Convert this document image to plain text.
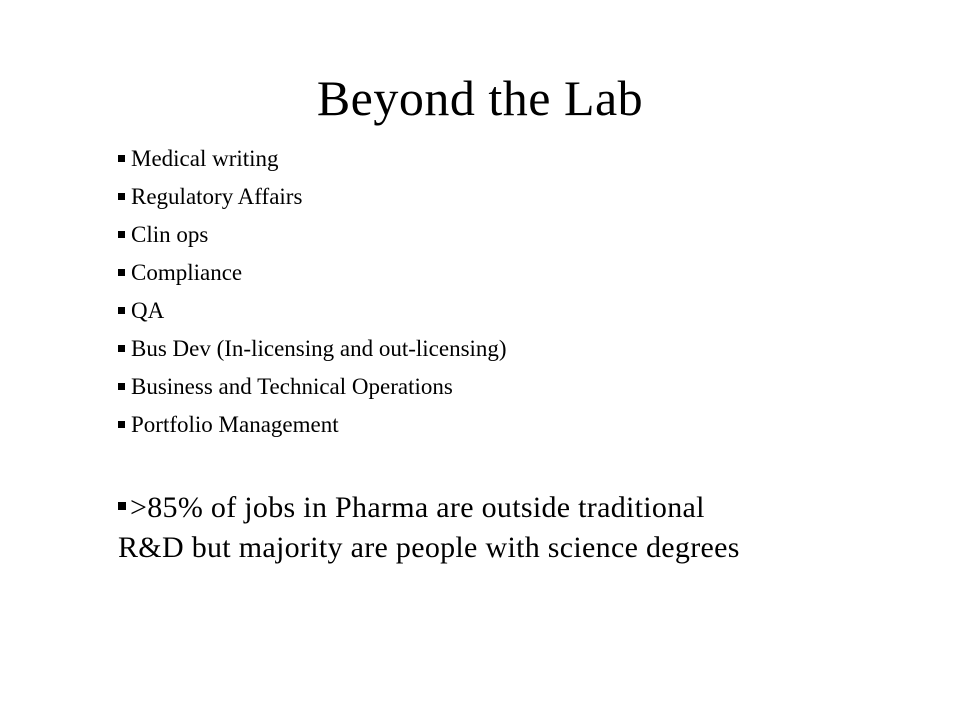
Beyond the Lab
Medical writing
Regulatory Affairs
Clin ops
Compliance
QA
Bus Dev (In-licensing and out-licensing)
Business and Technical Operations
Portfolio Management
>85% of jobs in Pharma are outside traditional
R&D but majority are people with science degrees
